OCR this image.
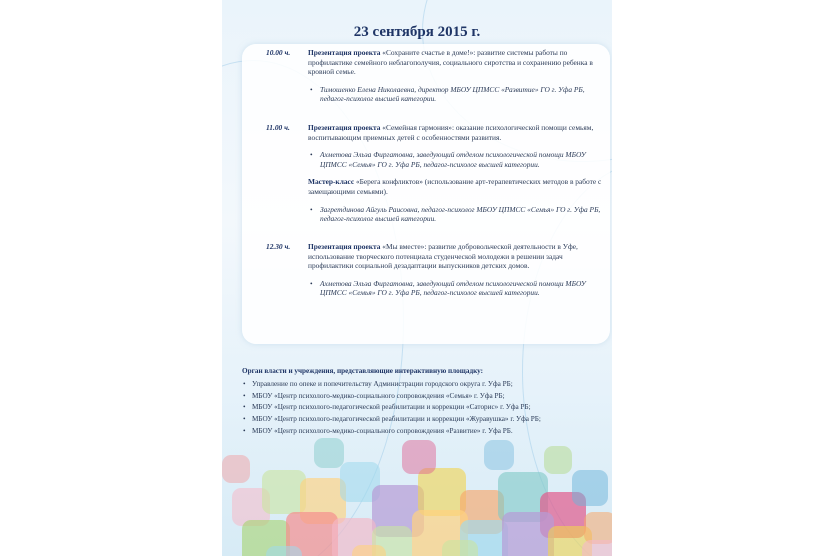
23 сентября 2015 г.
10.00 ч.	Презентация проекта «Сохраните счастье в доме!»: развитие системы работы по профилактике семейного неблагополучия, социального сиротства и сохранению ребенка в кровной семье.
• Тимошенко Елена Николаевна, директор МБОУ ЦПМСС «Развитие» ГО г. Уфа РБ, педагог-психолог высшей категории.
11.00 ч.	Презентация проекта «Семейная гармония»: оказание психологической помощи семьям, воспитывающим приемных детей с особенностями развития.
• Ахметова Эльза Фиргатовна, заведующий отделом психологической помощи МБОУ ЦПМСС «Семья» ГО г. Уфа РБ, педагог-психолог высшей категории.
Мастер-класс «Берега конфликтов» (использование арт-терапевтических методов в работе с замещающими семьями).
• Загретдинова Айгуль Раисовна, педагог-психолог МБОУ ЦПМСС «Семья» ГО г. Уфа РБ, педагог-психолог высшей категории.
12.30 ч.	Презентация проекта «Мы вместе»: развитие добровольческой деятельности в Уфе, использование творческого потенциала студенческой молодежи в решении задач профилактики социальной дезадаптации выпускников детских домов.
• Ахметова Эльза Фиргатовна, заведующий отделом психологической помощи МБОУ ЦПМСС «Семья» ГО г. Уфа РБ, педагог-психолог высшей категории.
Орган власти и учреждения, представляющие интерактивную площадку:
• Управление по опеке и попечительству Администрации городского округа г. Уфа РБ;
• МБОУ «Центр психолого-медико-социального сопровождения «Семья» г. Уфа РБ;
• МБОУ «Центр психолого-педагогической реабилитации и коррекции «Саторис» г. Уфа РБ;
• МБОУ «Центр психолого-педагогической реабилитации и коррекции «Журавушка» г. Уфа РБ;
• МБОУ «Центр психолого-медико-социального сопровождения «Развитие» г. Уфа РБ.
